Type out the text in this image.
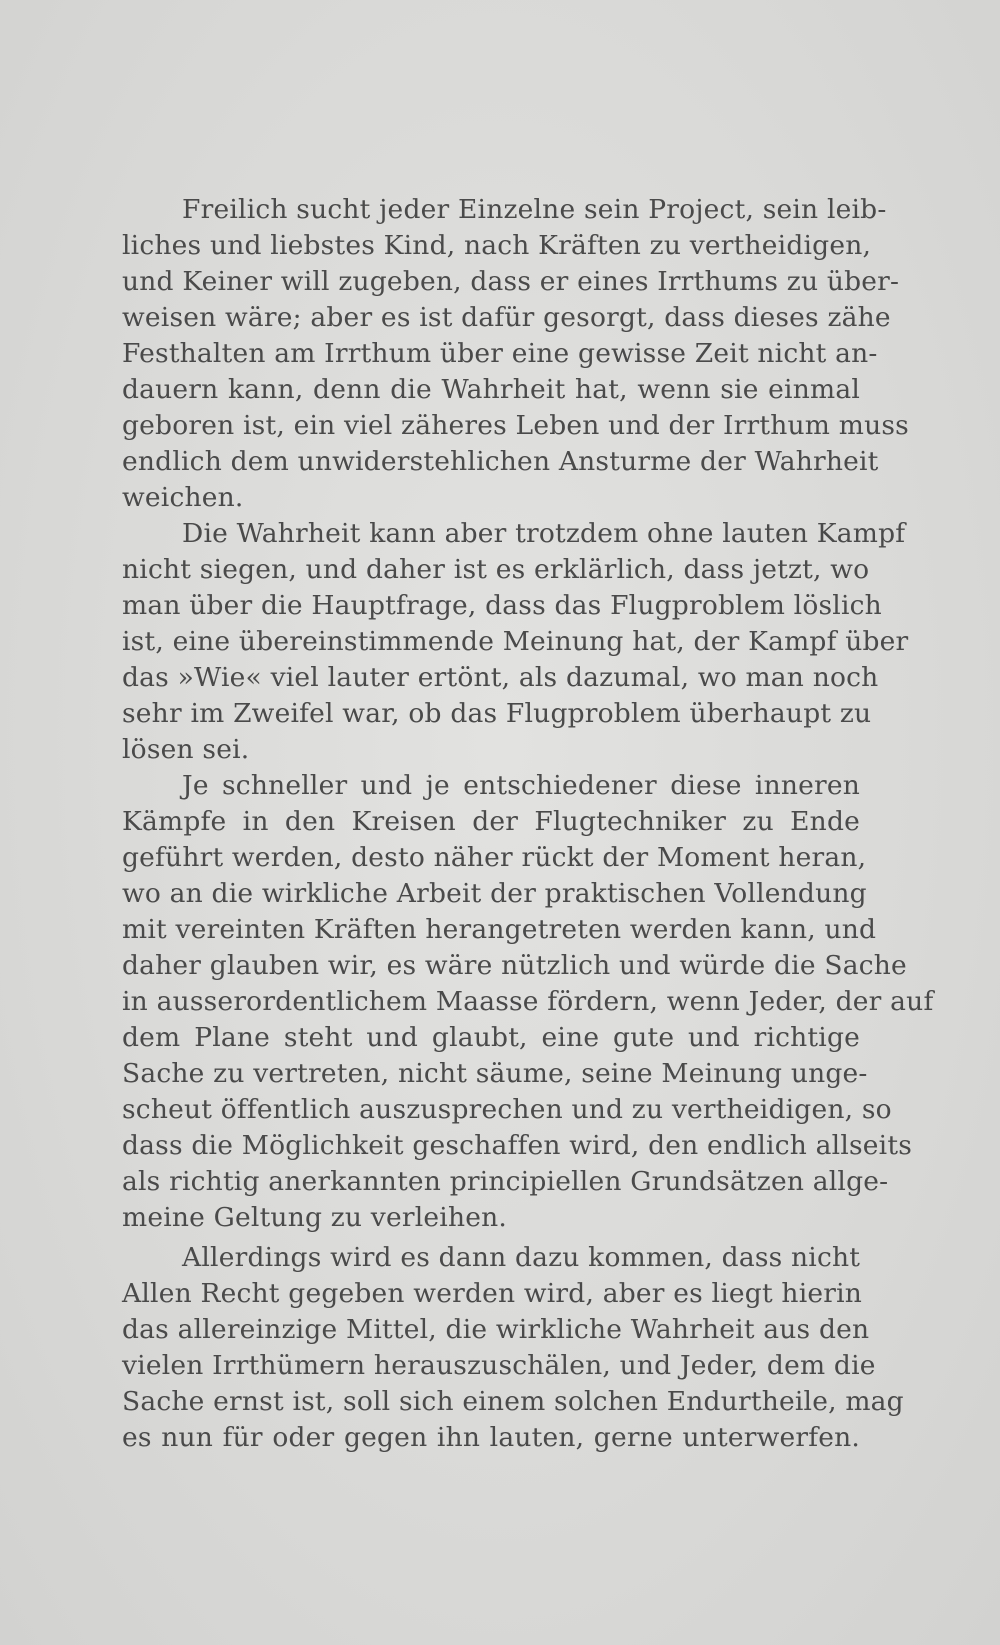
Freilich sucht jeder Einzelne sein Project, sein leib-
liches und liebstes Kind, nach Kräften zu vertheidigen,
und Keiner will zugeben, dass er eines Irrthums zu über-
weisen wäre; aber es ist dafür gesorgt, dass dieses zähe
Festhalten am Irrthum über eine gewisse Zeit nicht an-
dauern kann, denn die Wahrheit hat, wenn sie einmal
geboren ist, ein viel zäheres Leben und der Irrthum muss
endlich dem unwiderstehlichen Ansturme der Wahrheit
weichen.
Die Wahrheit kann aber trotzdem ohne lauten Kampf
nicht siegen, und daher ist es erklärlich, dass jetzt, wo
man über die Hauptfrage, dass das Flugproblem löslich
ist, eine übereinstimmende Meinung hat, der Kampf über
das »Wie« viel lauter ertönt, als dazumal, wo man noch
sehr im Zweifel war, ob das Flugproblem überhaupt zu
lösen sei.
Je schneller und je entschiedener diese inneren
Kämpfe in den Kreisen der Flugtechniker zu Ende
geführt werden, desto näher rückt der Moment heran,
wo an die wirkliche Arbeit der praktischen Vollendung
mit vereinten Kräften herangetreten werden kann, und
daher glauben wir, es wäre nützlich und würde die Sache
in ausserordentlichem Maasse fördern, wenn Jeder, der auf
dem Plane steht und glaubt, eine gute und richtige
Sache zu vertreten, nicht säume, seine Meinung unge-
scheut öffentlich auszusprechen und zu vertheidigen, so
dass die Möglichkeit geschaffen wird, den endlich allseits
als richtig anerkannten principiellen Grundsätzen allge-
meine Geltung zu verleihen.
Allerdings wird es dann dazu kommen, dass nicht
Allen Recht gegeben werden wird, aber es liegt hierin
das allereinzige Mittel, die wirkliche Wahrheit aus den
vielen Irrthümern herauszuschälen, und Jeder, dem die
Sache ernst ist, soll sich einem solchen Endurtheile, mag
es nun für oder gegen ihn lauten, gerne unterwerfen.
